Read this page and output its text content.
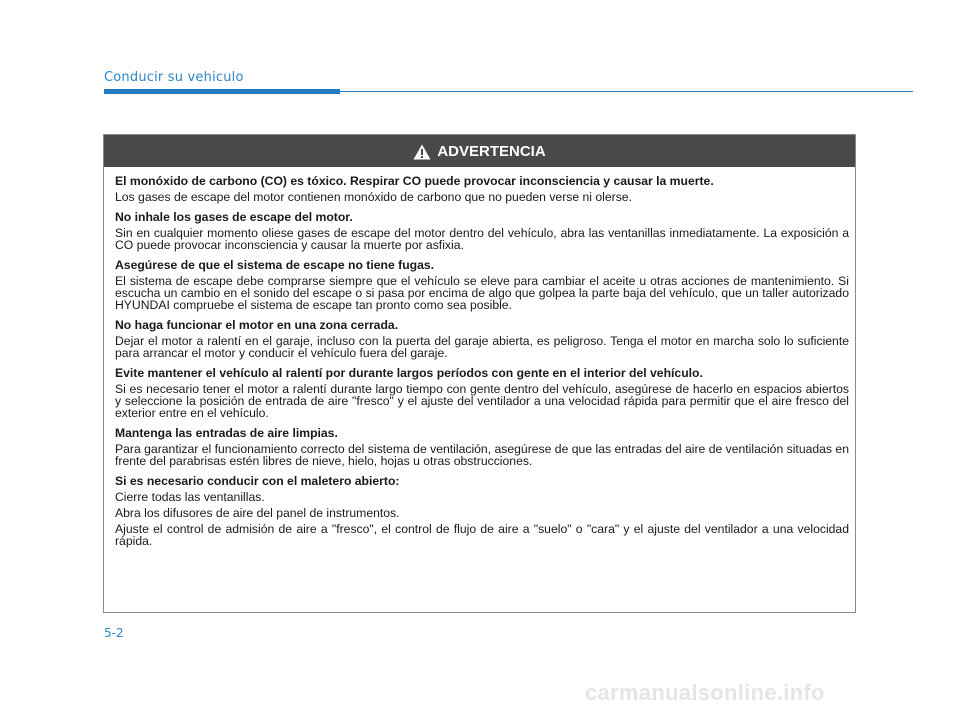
Conducir su vehiculo
ADVERTENCIA
El monóxido de carbono (CO) es tóxico. Respirar CO puede provocar inconsciencia y causar la muerte.

Los gases de escape del motor contienen monóxido de carbono que no pueden verse ni olerse.

No inhale los gases de escape del motor.

Sin en cualquier momento oliese gases de escape del motor dentro del vehículo, abra las ventanillas inmediatamente. La exposición a CO puede provocar inconsciencia y causar la muerte por asfixia.

Asegúrese de que el sistema de escape no tiene fugas.

El sistema de escape debe comprarse siempre que el vehículo se eleve para cambiar el aceite u otras acciones de mantenimiento. Si escucha un cambio en el sonido del escape o si pasa por encima de algo que golpea la parte baja del vehículo, que un taller autorizado HYUNDAI compruebe el sistema de escape tan pronto como sea posible.

No haga funcionar el motor en una zona cerrada.

Dejar el motor a ralentí en el garaje, incluso con la puerta del garaje abierta, es peligroso. Tenga el motor en marcha solo lo suficiente para arrancar el motor y conducir el vehículo fuera del garaje.

Evite mantener el vehículo al ralentí por durante largos períodos con gente en el interior del vehículo.

Si es necesario tener el motor a ralentí durante largo tiempo con gente dentro del vehículo, asegúrese de hacerlo en espacios abiertos y seleccione la posición de entrada de aire "fresco" y el ajuste del ventilador a una velocidad rápida para permitir que el aire fresco del exterior entre en el vehículo.

Mantenga las entradas de aire limpias.

Para garantizar el funcionamiento correcto del sistema de ventilación, asegúrese de que las entradas del aire de ventilación situadas en frente del parabrisas estén libres de nieve, hielo, hojas u otras obstrucciones.

Si es necesario conducir con el maletero abierto:

Cierre todas las ventanillas.

Abra los difusores de aire del panel de instrumentos.

Ajuste el control de admisión de aire a "fresco", el control de flujo de aire a "suelo" o "cara" y el ajuste del ventilador a una velocidad rápida.

5-2
carmanualsonline.info
